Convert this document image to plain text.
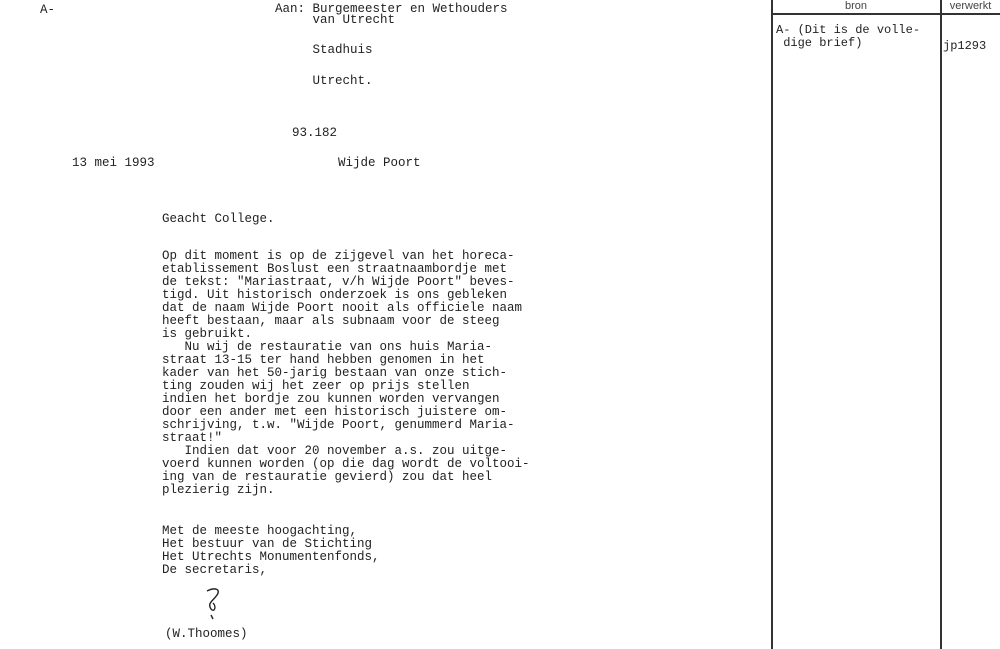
A-	Aan: Burgemeester en Wethouders
van Utrecht
Stadhuis
Utrecht.
93.182
13 mei 1993	Wijde Poort
Geacht College.
Op dit moment is op de zijgevel van het horeca-
etablissement Boslust een straatnaambordje met
de tekst: "Mariastraat, v/h Wijde Poort" beves-
tigd. Uit historisch onderzoek is ons gebleken
dat de naam Wijde Poort nooit als officiele naam
heeft bestaan, maar als subnaam voor de steeg
is gebruikt.
Nu wij de restauratie van ons huis Maria-
straat 13-15 ter hand hebben genomen in het
kader van het 50-jarig bestaan van onze stich-
ting zouden wij het zeer op prijs stellen
indien het bordje zou kunnen worden vervangen
door een ander met een historisch juistere om-
schrijving, t.w. "Wijde Poort, genummerd Maria-
straat!"
Indien dat voor 20 november a.s. zou uitge-
voerd kunnen worden (op die dag wordt de voltooi-
ing van de restauratie gevierd) zou dat heel
plezierig zijn.
Met de meeste hoogachting,
Het bestuur van de Stichting
Het Utrechts Monumentenfonds,
De secretaris,
(W.Thoomes)
bron	verwerkt
A- (Dit is de volle-
dige brief)	jp1293
